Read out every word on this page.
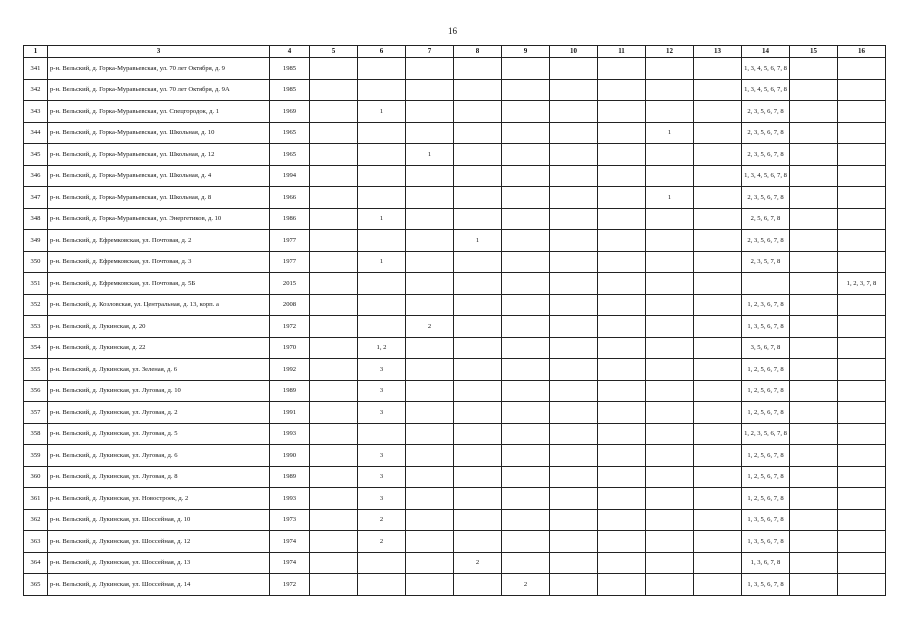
16
1	3	4	5	6	7	8	9	10	11	12	13	14	15	16
341	р-н. Вельский, д. Горка-Муравьевская, ул. 70 лет Октября, д. 9	1985										1, 3, 4, 5, 6, 7, 8		
342	р-н. Вельский, д. Горка-Муравьевская, ул. 70 лет Октября, д. 9А	1985										1, 3, 4, 5, 6, 7, 8		
343	р-н. Вельский, д. Горка-Муравьевская, ул. Спецгородок, д. 1	1969		1								2, 3, 5, 6, 7, 8		
344	р-н. Вельский, д. Горка-Муравьевская, ул. Школьная, д. 10	1965								1		2, 3, 5, 6, 7, 8		
345	р-н. Вельский, д. Горка-Муравьевская, ул. Школьная, д. 12	1965			1							2, 3, 5, 6, 7, 8		
346	р-н. Вельский, д. Горка-Муравьевская, ул. Школьная, д. 4	1994										1, 3, 4, 5, 6, 7, 8		
347	р-н. Вельский, д. Горка-Муравьевская, ул. Школьная, д. 8	1966								1		2, 3, 5, 6, 7, 8		
348	р-н. Вельский, д. Горка-Муравьевская, ул. Энергетиков, д. 10	1986		1								2, 5, 6, 7, 8		
349	р-н. Вельский, д. Ефремковская, ул. Почтовая, д. 2	1977				1						2, 3, 5, 6, 7, 8		
350	р-н. Вельский, д. Ефремковская, ул. Почтовая, д. 3	1977		1								2, 3, 5, 7, 8		
351	р-н. Вельский, д. Ефремковская, ул. Почтовая, д. 5Б	2015												1, 2, 3, 7, 8
352	р-н. Вельский, д. Козловская, ул. Центральная, д. 13, корп. а	2008										1, 2, 3, 6, 7, 8		
353	р-н. Вельский, д. Лукинская, д. 20	1972			2							1, 3, 5, 6, 7, 8		
354	р-н. Вельский, д. Лукинская, д. 22	1970		1, 2								3, 5, 6, 7, 8		
355	р-н. Вельский, д. Лукинская, ул. Зеленая, д. 6	1992		3								1, 2, 5, 6, 7, 8		
356	р-н. Вельский, д. Лукинская, ул. Луговая, д. 10	1989		3								1, 2, 5, 6, 7, 8		
357	р-н. Вельский, д. Лукинская, ул. Луговая, д. 2	1991		3								1, 2, 5, 6, 7, 8		
358	р-н. Вельский, д. Лукинская, ул. Луговая, д. 5	1993										1, 2, 3, 5, 6, 7, 8		
359	р-н. Вельский, д. Лукинская, ул. Луговая, д. 6	1990		3								1, 2, 5, 6, 7, 8		
360	р-н. Вельский, д. Лукинская, ул. Луговая, д. 8	1989		3								1, 2, 5, 6, 7, 8		
361	р-н. Вельский, д. Лукинская, ул. Новостроек, д. 2	1993		3								1, 2, 5, 6, 7, 8		
362	р-н. Вельский, д. Лукинская, ул. Шоссейная, д. 10	1973		2								1, 3, 5, 6, 7, 8		
363	р-н. Вельский, д. Лукинская, ул. Шоссейная, д. 12	1974		2								1, 3, 5, 6, 7, 8		
364	р-н. Вельский, д. Лукинская, ул. Шоссейная, д. 13	1974				2						1, 3, 6, 7, 8		
365	р-н. Вельский, д. Лукинская, ул. Шоссейная, д. 14	1972					2					1, 3, 5, 6, 7, 8		
